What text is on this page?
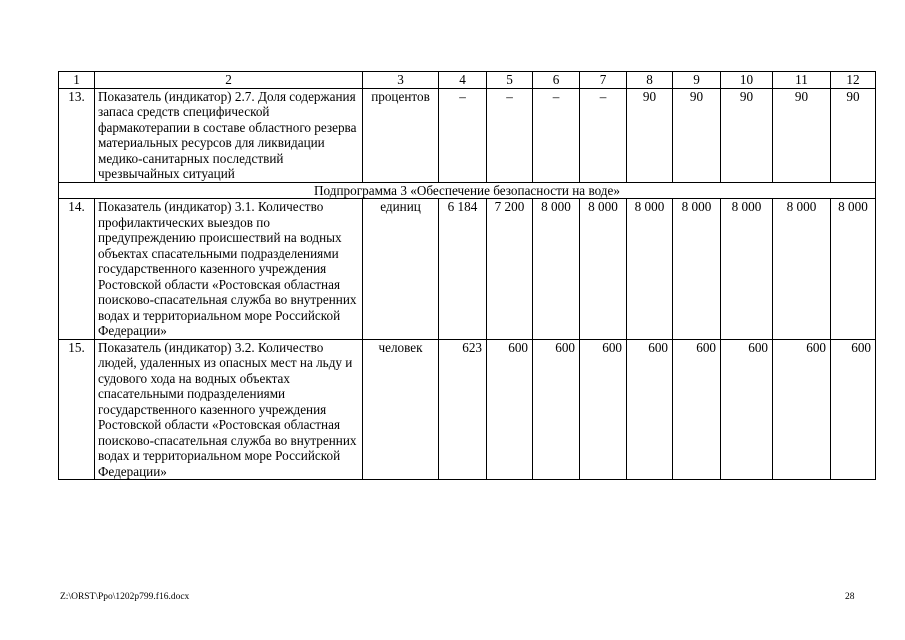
1	2	3	4	5	6	7	8	9	10	11	12
13.	Показатель (индикатор) 2.7. Доля содержания запаса средств специфической фармакотерапии в составе областного резерва материальных ресурсов для ликвидации медико-санитарных последствий чрезвычайных ситуаций	процентов	–	–	–	–	90	90	90	90	90
Подпрограмма 3 «Обеспечение безопасности на воде»											
14.	Показатель (индикатор) 3.1. Количество профилактических выездов по предупреждению происшествий на водных объектах спасательными подразделениями государственного казенного учреждения Ростовской области «Ростовская областная поисково-спасательная служба во внутренних водах и территориальном море Российской Федерации»	единиц	6 184	7 200	8 000	8 000	8 000	8 000	8 000	8 000	8 000
15.	Показатель (индикатор) 3.2. Количество людей, удаленных из опасных мест на льду и судового хода на водных объектах спасательными подразделениями государственного казенного учреждения Ростовской области «Ростовская областная поисково-спасательная служба во внутренних водах и территориальном море Российской Федерации»	человек	623	600	600	600	600	600	600	600	600
Z:\ORST\Ppo\1202p799.f16.docx	28
